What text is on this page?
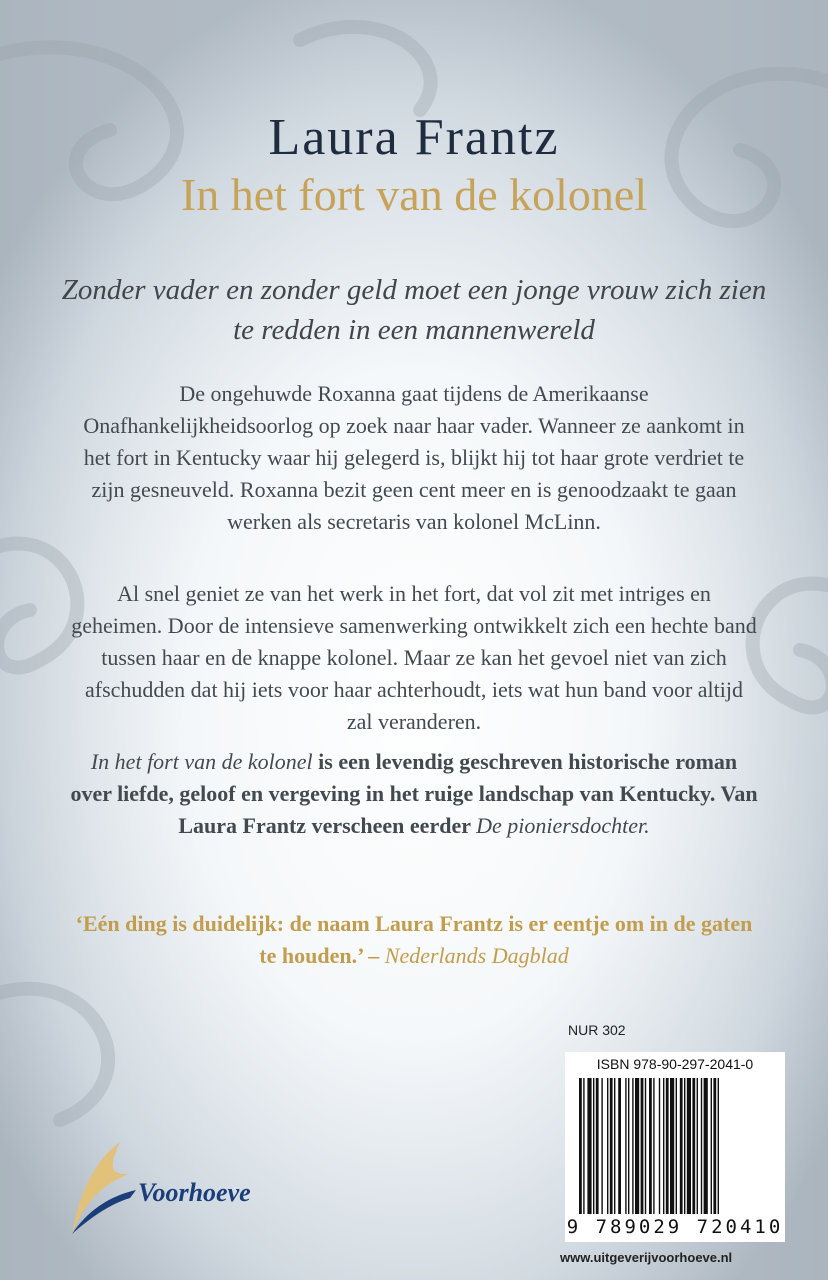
Laura Frantz
In het fort van de kolonel

Zonder vader en zonder geld moet een jonge vrouw zich zien te redden in een mannenwereld

De ongehuwde Roxanna gaat tijdens de Amerikaanse Onafhankelijkheidsoorlog op zoek naar haar vader. Wanneer ze aankomt in het fort in Kentucky waar hij gelegerd is, blijkt hij tot haar grote verdriet te zijn gesneuveld. Roxanna bezit geen cent meer en is genoodzaakt te gaan werken als secretaris van kolonel McLinn.

Al snel geniet ze van het werk in het fort, dat vol zit met intriges en geheimen. Door de intensieve samenwerking ontwikkelt zich een hechte band tussen haar en de knappe kolonel. Maar ze kan het gevoel niet van zich afschudden dat hij iets voor haar achterhoudt, iets wat hun band voor altijd zal veranderen.

In het fort van de kolonel is een levendig geschreven historische roman over liefde, geloof en vergeving in het ruige landschap van Kentucky. Van Laura Frantz verscheen eerder De pioniersdochter.

‘Eén ding is duidelijk: de naam Laura Frantz is er eentje om in de gaten te houden.’ – Nederlands Dagblad

NUR 302
ISBN 978-90-297-2041-0
9 789029 720410
www.uitgeverijvoorhoeve.nl
Voorhoeve
